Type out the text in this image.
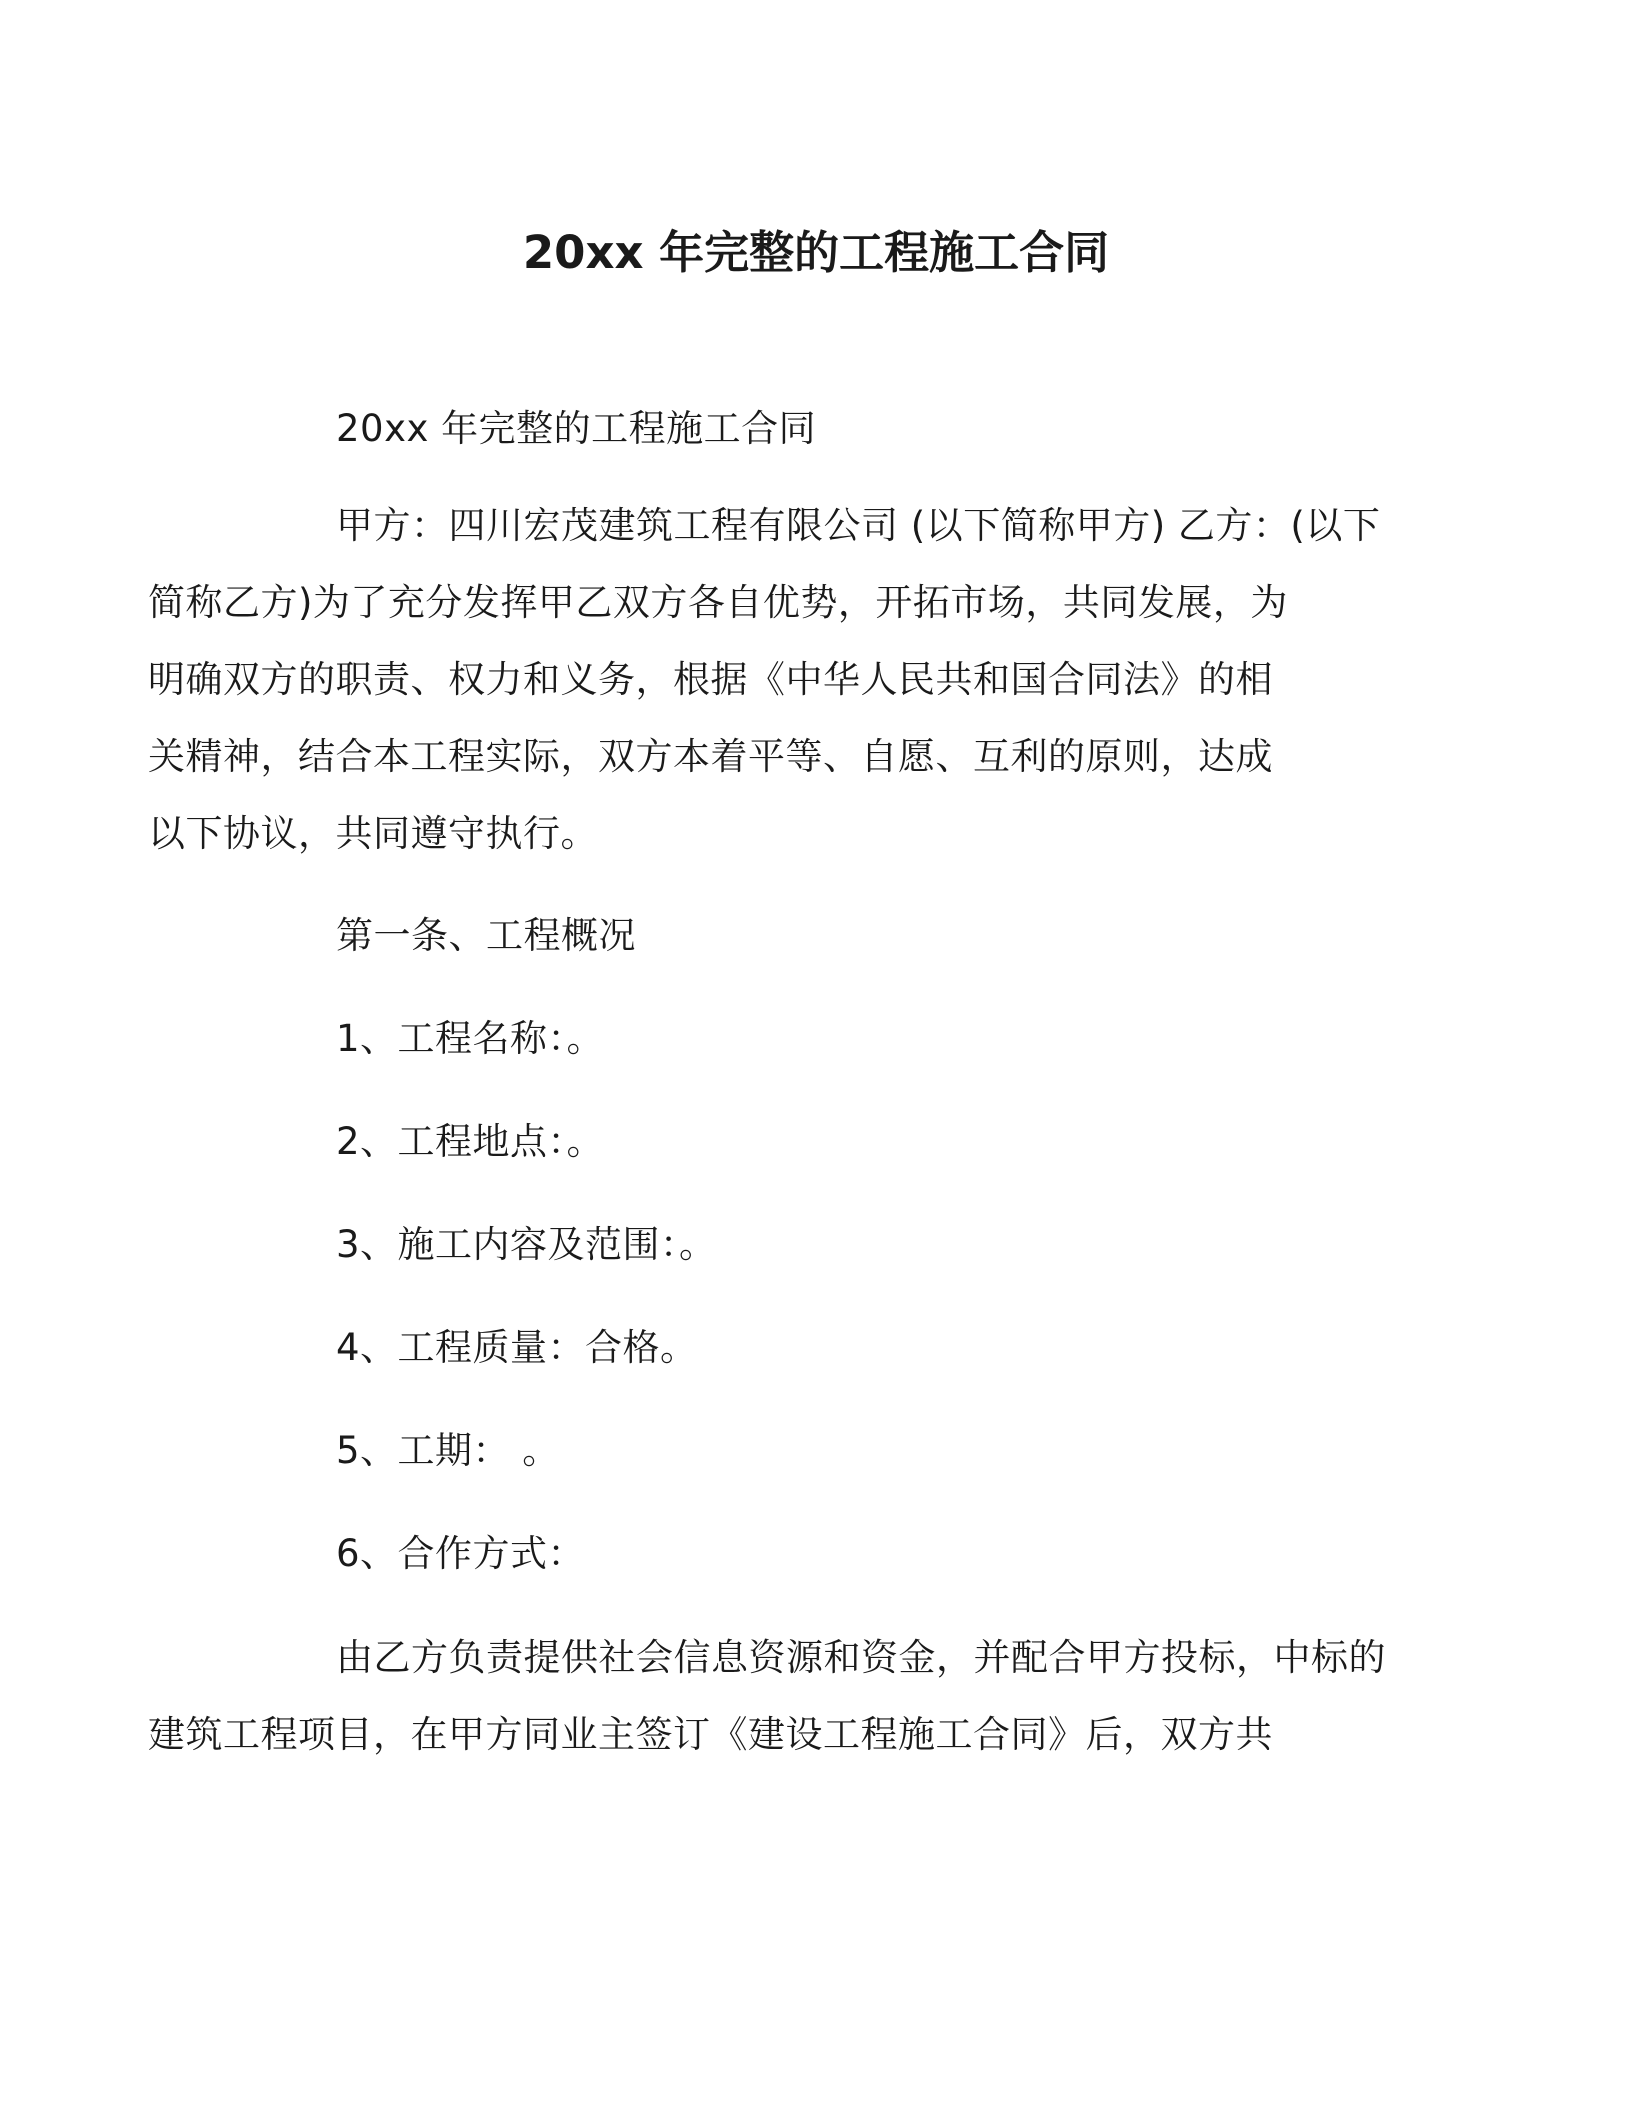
20xx 年完整的工程施工合同

20xx 年完整的工程施工合同

甲方：四川宏茂建筑工程有限公司 (以下简称甲方) 乙方：(以下
简称乙方)为了充分发挥甲乙双方各自优势，开拓市场，共同发展，为
明确双方的职责、权力和义务，根据《中华人民共和国合同法》的相
关精神，结合本工程实际，双方本着平等、自愿、互利的原则，达成
以下协议，共同遵守执行。

第一条、工程概况

1、工程名称：。

2、工程地点：。

3、施工内容及范围：。

4、工程质量：合格。

5、工期： 。

6、合作方式：

由乙方负责提供社会信息资源和资金，并配合甲方投标，中标的
建筑工程项目，在甲方同业主签订《建设工程施工合同》后，双方共
